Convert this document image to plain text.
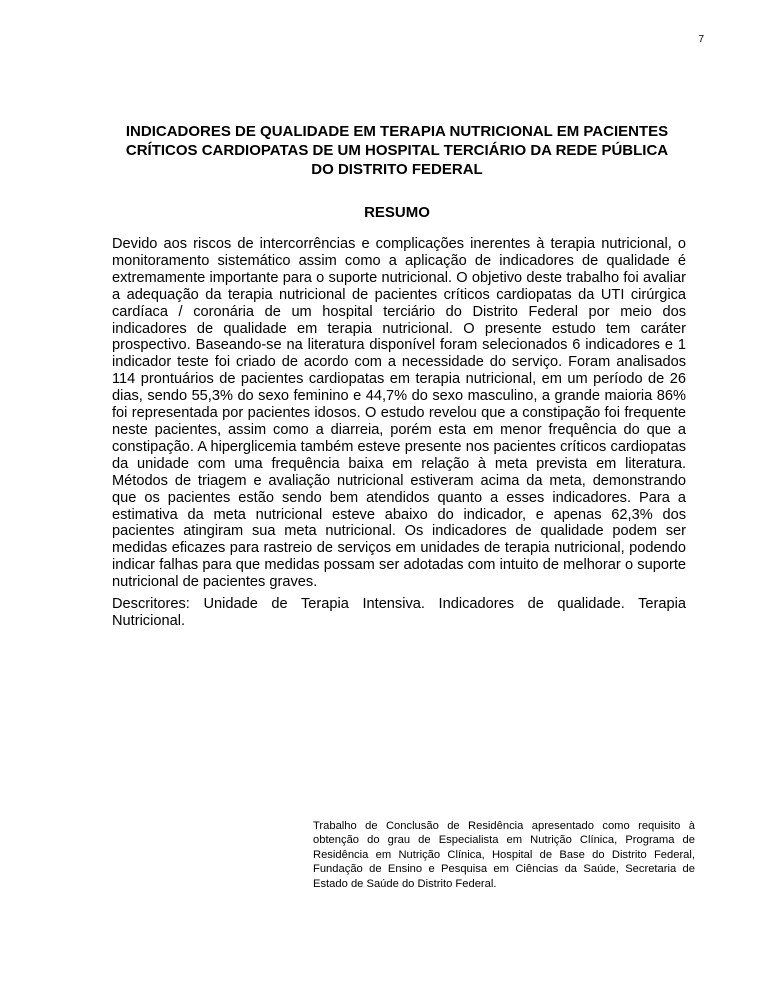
7
INDICADORES DE QUALIDADE EM TERAPIA NUTRICIONAL EM PACIENTES
CRÍTICOS CARDIOPATAS DE UM HOSPITAL TERCIÁRIO DA REDE PÚBLICA
DO DISTRITO FEDERAL
RESUMO

Devido aos riscos de intercorrências e complicações inerentes à terapia nutricional, o monitoramento sistemático assim como a aplicação de indicadores de qualidade é extremamente importante para o suporte nutricional. O objetivo deste trabalho foi avaliar a adequação da terapia nutricional de pacientes críticos cardiopatas da UTI cirúrgica cardíaca / coronária de um hospital terciário do Distrito Federal por meio dos indicadores de qualidade em terapia nutricional. O presente estudo tem caráter prospectivo. Baseando-se na literatura disponível foram selecionados 6 indicadores e 1 indicador teste foi criado de acordo com a necessidade do serviço. Foram analisados 114 prontuários de pacientes cardiopatas em terapia nutricional, em um período de 26 dias, sendo 55,3% do sexo feminino e 44,7% do sexo masculino, a grande maioria 86% foi representada por pacientes idosos. O estudo revelou que a constipação foi frequente neste pacientes, assim como a diarreia, porém esta em menor frequência do que a constipação. A hiperglicemia também esteve presente nos pacientes críticos cardiopatas da unidade com uma frequência baixa em relação à meta prevista em literatura. Métodos de triagem e avaliação nutricional estiveram acima da meta, demonstrando que os pacientes estão sendo bem atendidos quanto a esses indicadores. Para a estimativa da meta nutricional esteve abaixo do indicador, e apenas 62,3% dos pacientes atingiram sua meta nutricional. Os indicadores de qualidade podem ser medidas eficazes para rastreio de serviços em unidades de terapia nutricional, podendo indicar falhas para que medidas possam ser adotadas com intuito de melhorar o suporte nutricional de pacientes graves.

Descritores: Unidade de Terapia Intensiva. Indicadores de qualidade. Terapia Nutricional.

Trabalho de Conclusão de Residência apresentado como requisito à obtenção do grau de Especialista em Nutrição Clínica, Programa de Residência em Nutrição Clínica, Hospital de Base do Distrito Federal, Fundação de Ensino e Pesquisa em Ciências da Saúde, Secretaria de Estado de Saúde do Distrito Federal.
